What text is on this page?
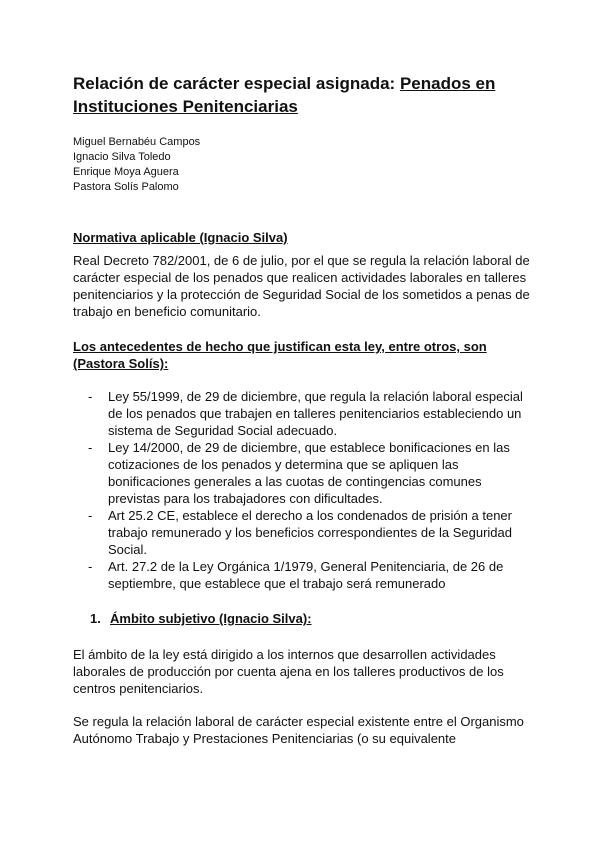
Relación de carácter especial asignada: Penados en Instituciones Penitenciarias
Miguel Bernabéu Campos
Ignacio Silva Toledo
Enrique Moya Aguera
Pastora Solís Palomo
Normativa aplicable (Ignacio Silva)

Real Decreto 782/2001, de 6 de julio, por el que se regula la relación laboral de carácter especial de los penados que realicen actividades laborales en talleres penitenciarios y la protección de Seguridad Social de los sometidos a penas de trabajo en beneficio comunitario.

Los antecedentes de hecho que justifican esta ley, entre otros, son (Pastora Solís):
- Ley 55/1999, de 29 de diciembre, que regula la relación laboral especial de los penados que trabajen en talleres penitenciarios estableciendo un sistema de Seguridad Social adecuado.
- Ley 14/2000, de 29 de diciembre, que establece bonificaciones en las cotizaciones de los penados y determina que se apliquen las bonificaciones generales a las cuotas de contingencias comunes previstas para los trabajadores con dificultades.
- Art 25.2 CE, establece el derecho a los condenados de prisión a tener trabajo remunerado y los beneficios correspondientes de la Seguridad Social.
- Art. 27.2 de la Ley Orgánica 1/1979, General Penitenciaria, de 26 de septiembre, que establece que el trabajo será remunerado
1. Ámbito subjetivo (Ignacio Silva):

El ámbito de la ley está dirigido a los internos que desarrollen actividades laborales de producción por cuenta ajena en los talleres productivos de los centros penitenciarios.

Se regula la relación laboral de carácter especial existente entre el Organismo Autónomo Trabajo y Prestaciones Penitenciarias (o su equivalente
